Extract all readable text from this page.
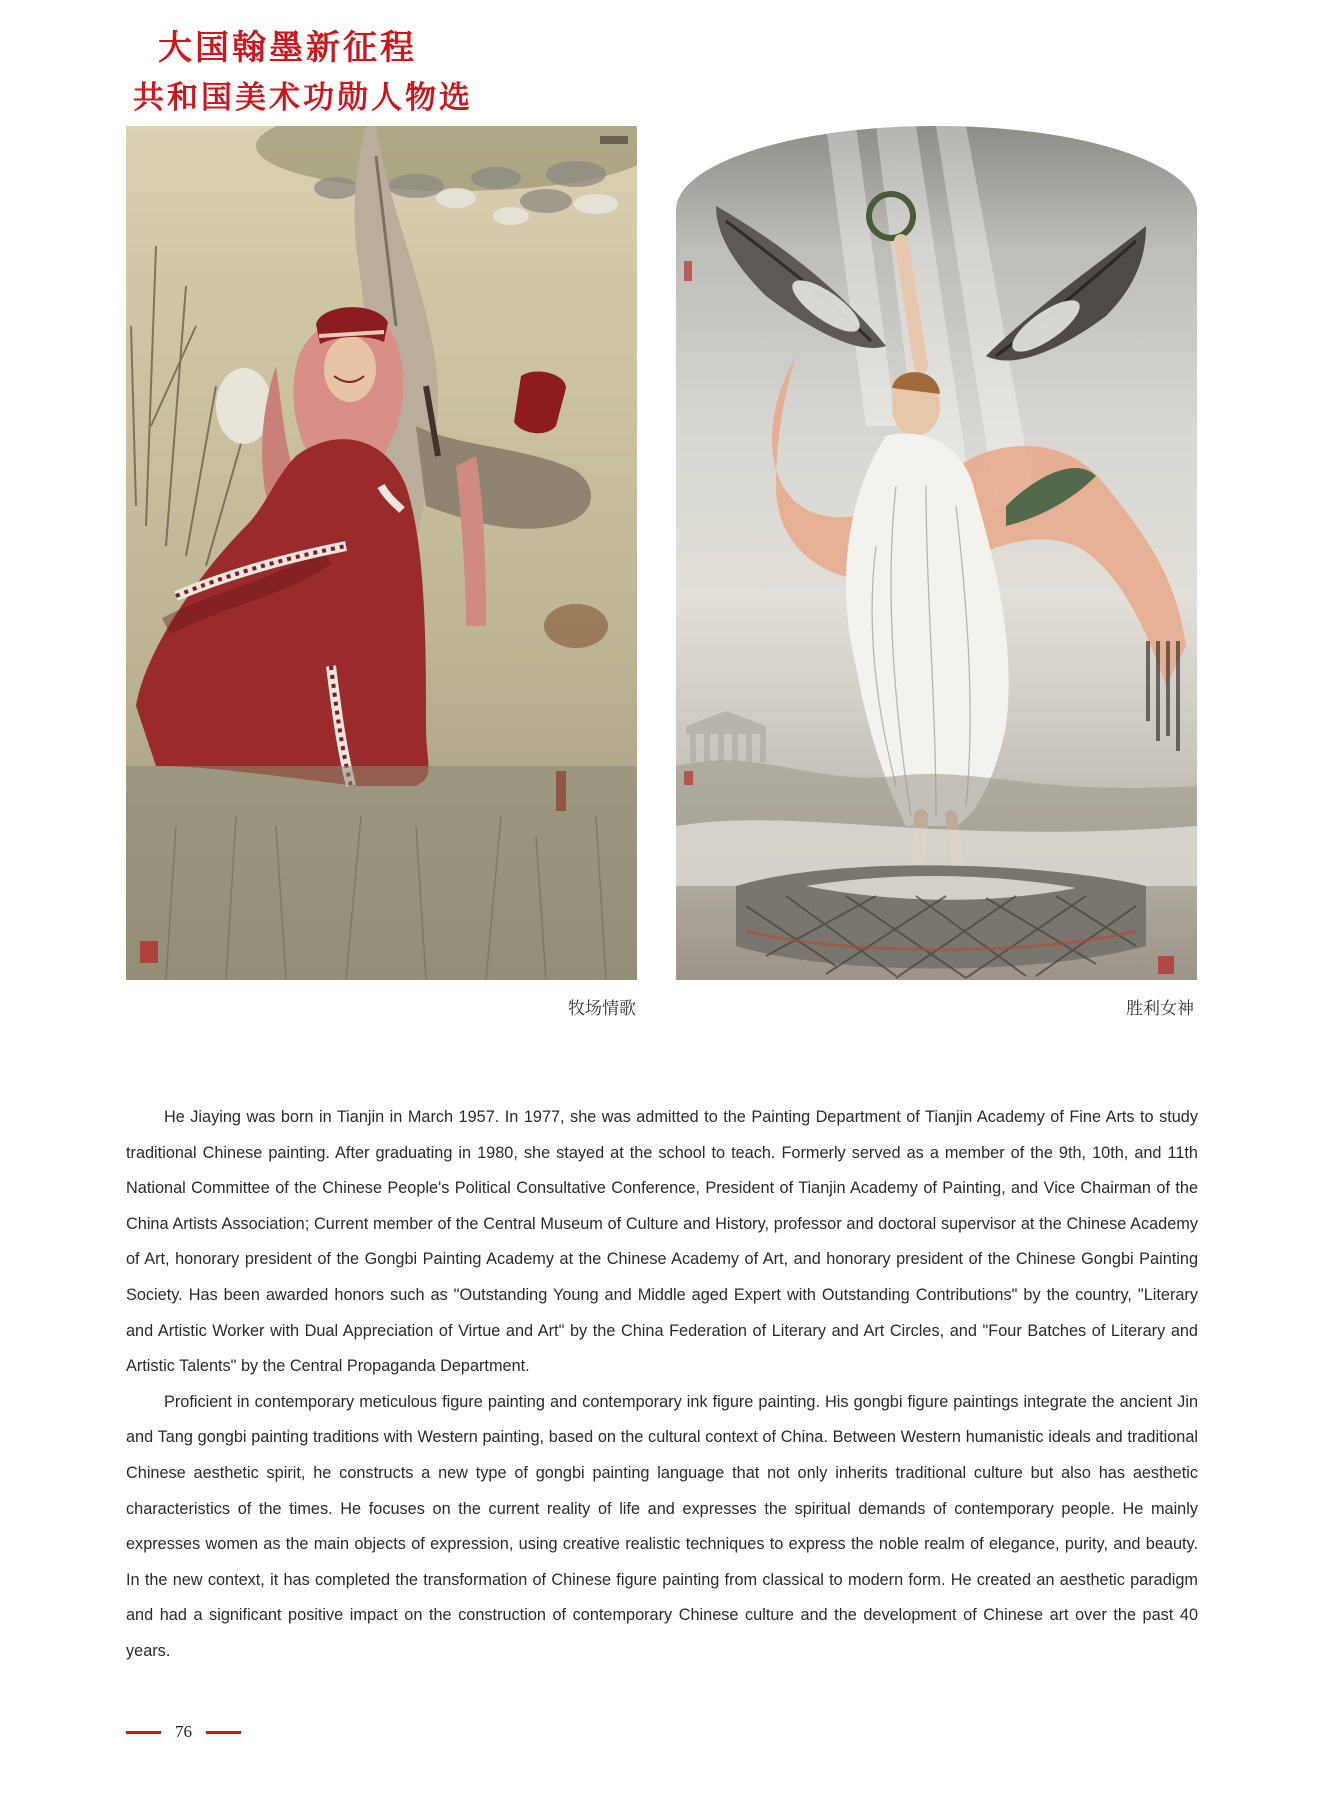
大国翰墨新征程
共和国美术功勋人物选

牧场情歌	胜利女神

He Jiaying was born in Tianjin in March 1957. In 1977, she was admitted to the Painting Department of Tianjin Academy of Fine Arts to study traditional Chinese painting. After graduating in 1980, she stayed at the school to teach. Formerly served as a member of the 9th, 10th, and 11th National Committee of the Chinese People's Political Consultative Conference, President of Tianjin Academy of Painting, and Vice Chairman of the China Artists Association; Current member of the Central Museum of Culture and History, professor and doctoral supervisor at the Chinese Academy of Art, honorary president of the Gongbi Painting Academy at the Chinese Academy of Art, and honorary president of the Chinese Gongbi Painting Society. Has been awarded honors such as "Outstanding Young and Middle aged Expert with Outstanding Contributions" by the country, "Literary and Artistic Worker with Dual Appreciation of Virtue and Art" by the China Federation of Literary and Art Circles, and "Four Batches of Literary and Artistic Talents" by the Central Propaganda Department.

Proficient in contemporary meticulous figure painting and contemporary ink figure painting. His gongbi figure paintings integrate the ancient Jin and Tang gongbi painting traditions with Western painting, based on the cultural context of China. Between Western humanistic ideals and traditional Chinese aesthetic spirit, he constructs a new type of gongbi painting language that not only inherits traditional culture but also has aesthetic characteristics of the times. He focuses on the current reality of life and expresses the spiritual demands of contemporary people. He mainly expresses women as the main objects of expression, using creative realistic techniques to express the noble realm of elegance, purity, and beauty. In the new context, it has completed the transformation of Chinese figure painting from classical to modern form. He created an aesthetic paradigm and had a significant positive impact on the construction of contemporary Chinese culture and the development of Chinese art over the past 40 years.

76
